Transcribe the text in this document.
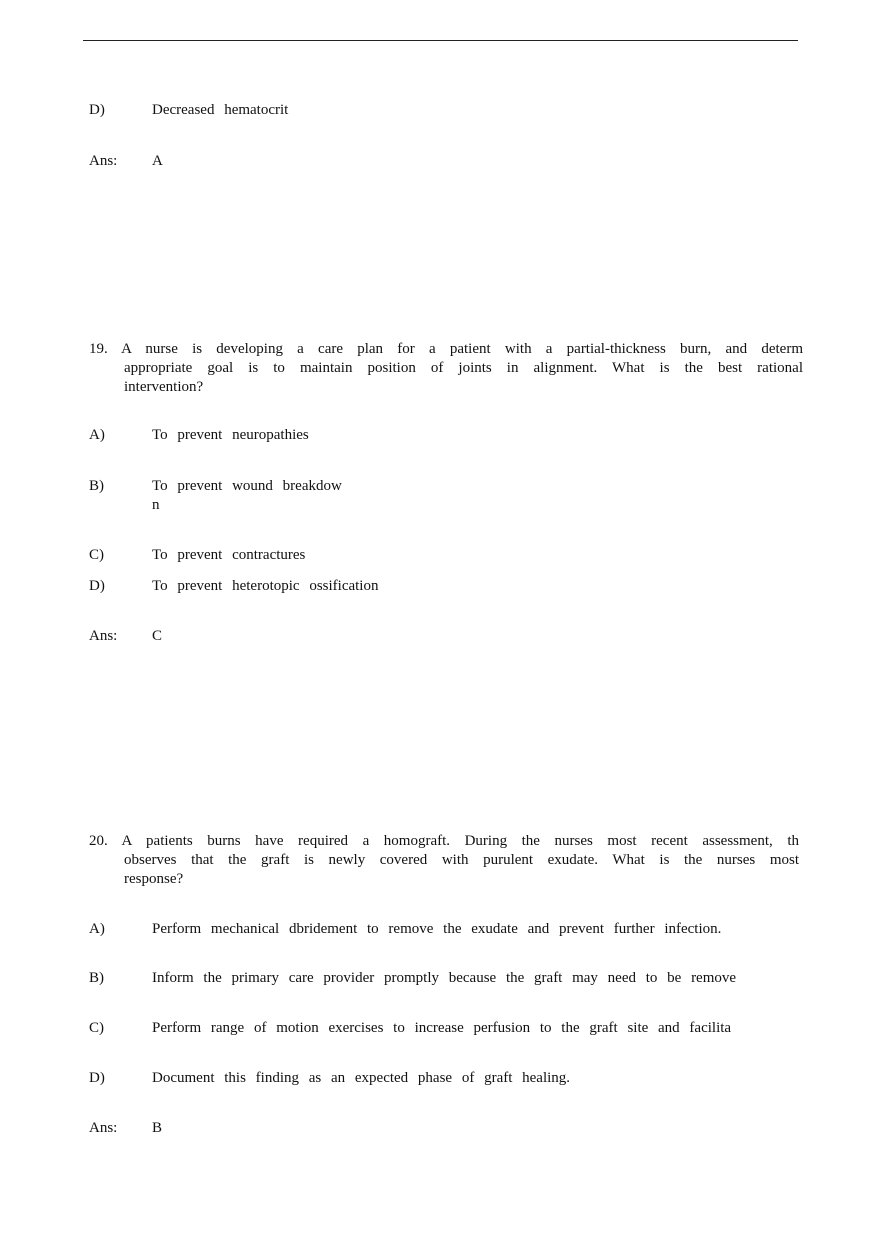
D)	Decreased hematocrit
Ans: A
19. A nurse is developing a care plan for a patient with a partial-thickness burn, and determ
appropriate goal is to maintain position of joints in alignment. What is the best rational
intervention?
A)	To prevent neuropathies
B)	To prevent wound breakdow
n
C)	To prevent contractures
D)	To prevent heterotopic ossification
Ans: C
20. A patients burns have required a homograft. During the nurses most recent assessment, th
observes that the graft is newly covered with purulent exudate. What is the nurses most
response?
A)	Perform mechanical dbridement to remove the exudate and prevent further infection.
B)	Inform the primary care provider promptly because the graft may need to be remove
C)	Perform range of motion exercises to increase perfusion to the graft site and facilita
D)	Document this finding as an expected phase of graft healing.
Ans: B
